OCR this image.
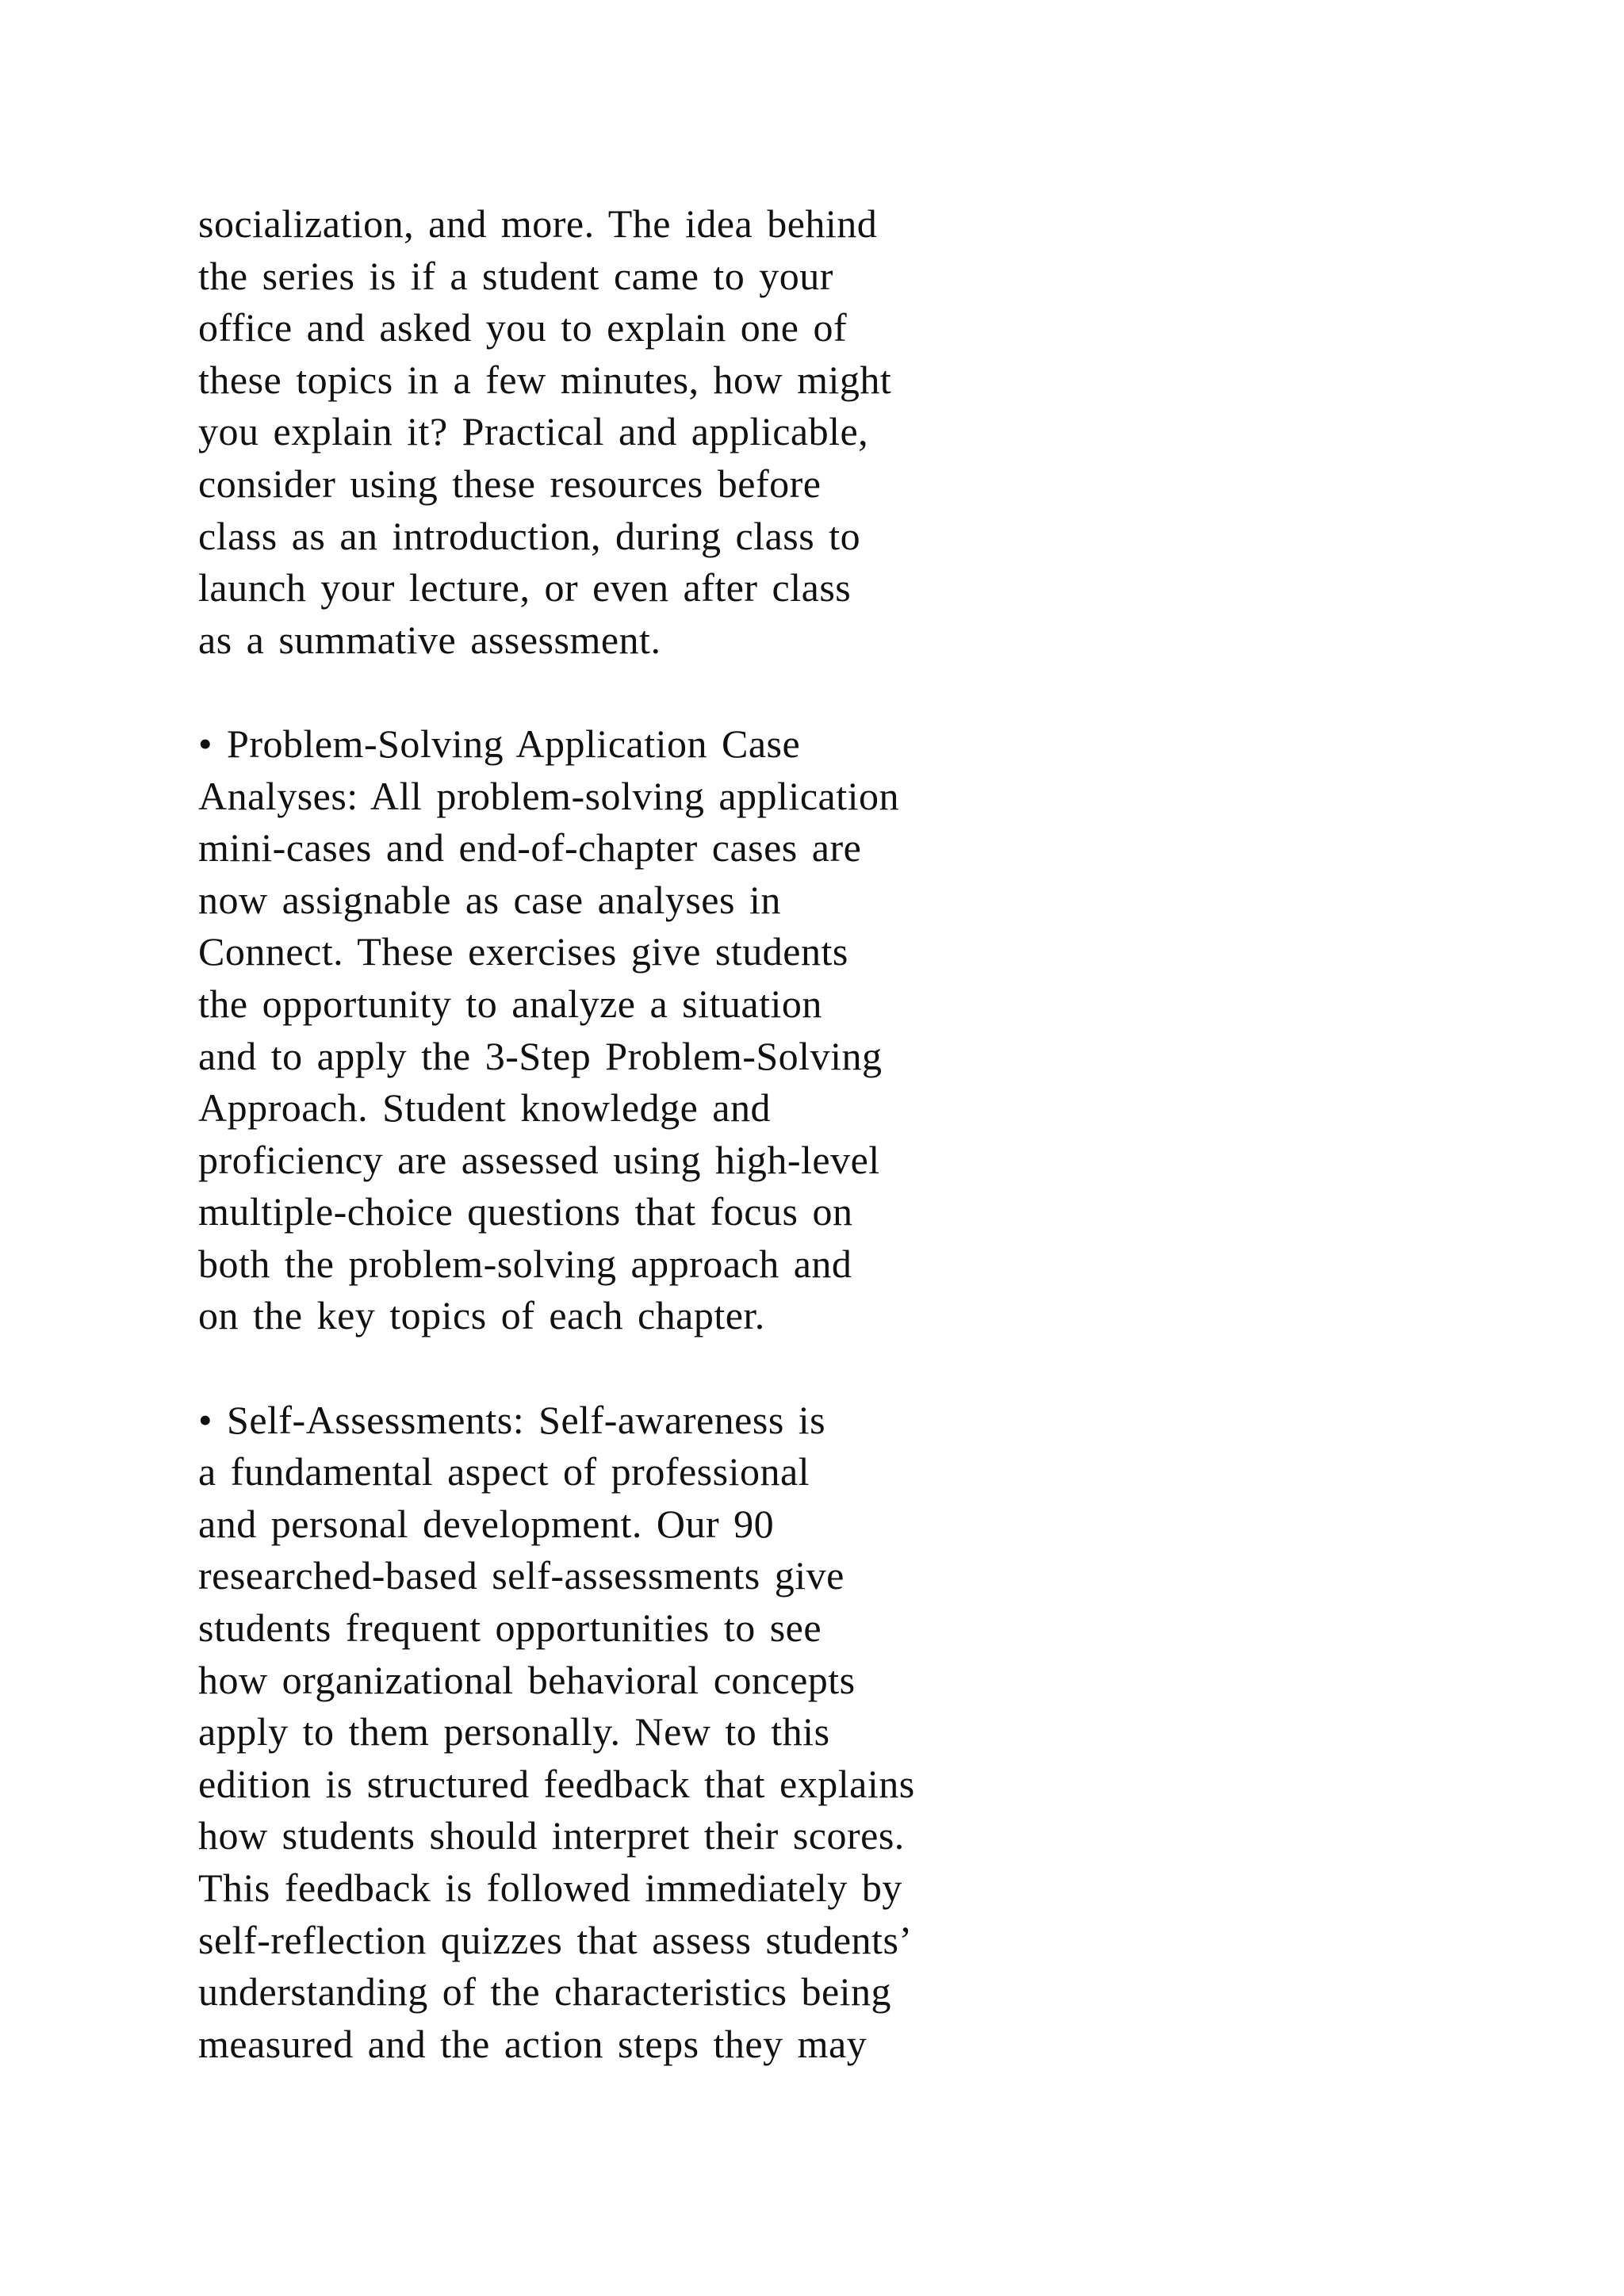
socialization, and more. The idea behind
the series is if a student came to your
office and asked you to explain one of
these topics in a few minutes, how might
you explain it? Practical and applicable,
consider using these resources before
class as an introduction, during class to
launch your lecture, or even after class
as a summative assessment.
• Problem-Solving Application Case
Analyses: All problem-solving application
mini-cases and end-of-chapter cases are
now assignable as case analyses in
Connect. These exercises give students
the opportunity to analyze a situation
and to apply the 3-Step Problem-Solving
Approach. Student knowledge and
proficiency are assessed using high-level
multiple-choice questions that focus on
both the problem-solving approach and
on the key topics of each chapter.
• Self-Assessments: Self-awareness is
a fundamental aspect of professional
and personal development. Our 90
researched-based self-assessments give
students frequent opportunities to see
how organizational behavioral concepts
apply to them personally. New to this
edition is structured feedback that explains
how students should interpret their scores.
This feedback is followed immediately by
self-reflection quizzes that assess students’
understanding of the characteristics being
measured and the action steps they may
